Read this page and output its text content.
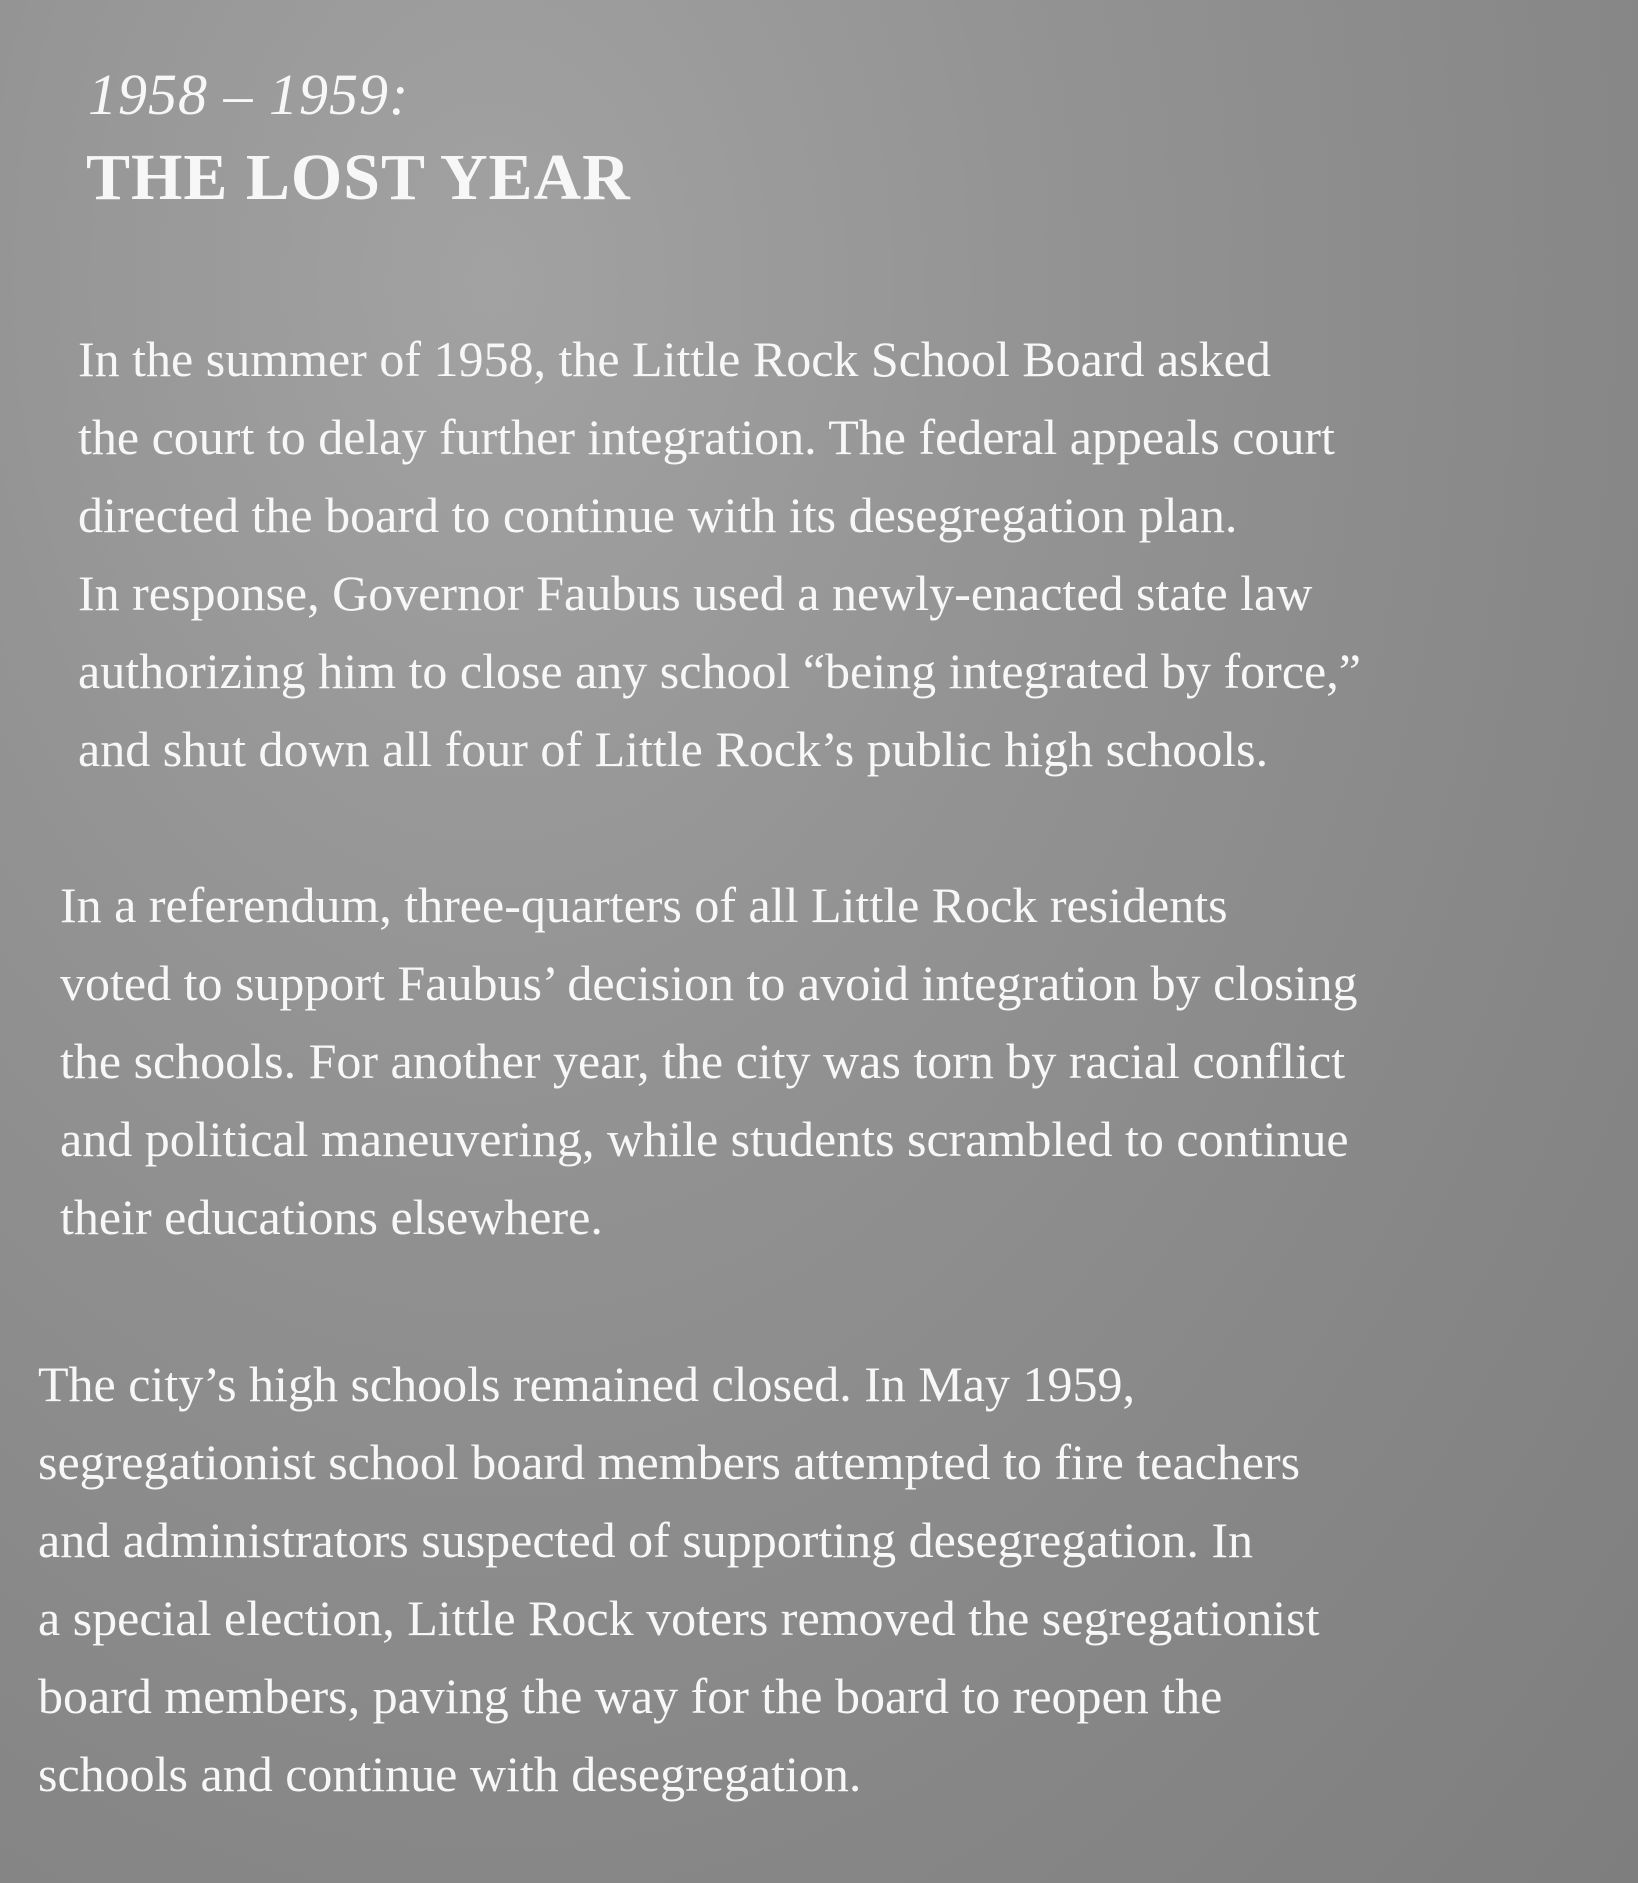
1958 – 1959:
THE LOST YEAR
In the summer of 1958, the Little Rock School Board asked
the court to delay further integration. The federal appeals court
directed the board to continue with its desegregation plan.
In response, Governor Faubus used a newly-enacted state law
authorizing him to close any school “being integrated by force,”
and shut down all four of Little Rock’s public high schools.
In a referendum, three-quarters of all Little Rock residents
voted to support Faubus’ decision to avoid integration by closing
the schools. For another year, the city was torn by racial conflict
and political maneuvering, while students scrambled to continue
their educations elsewhere.
The city’s high schools remained closed. In May 1959,
segregationist school board members attempted to fire teachers
and administrators suspected of supporting desegregation. In
a special election, Little Rock voters removed the segregationist
board members, paving the way for the board to reopen the
schools and continue with desegregation.
